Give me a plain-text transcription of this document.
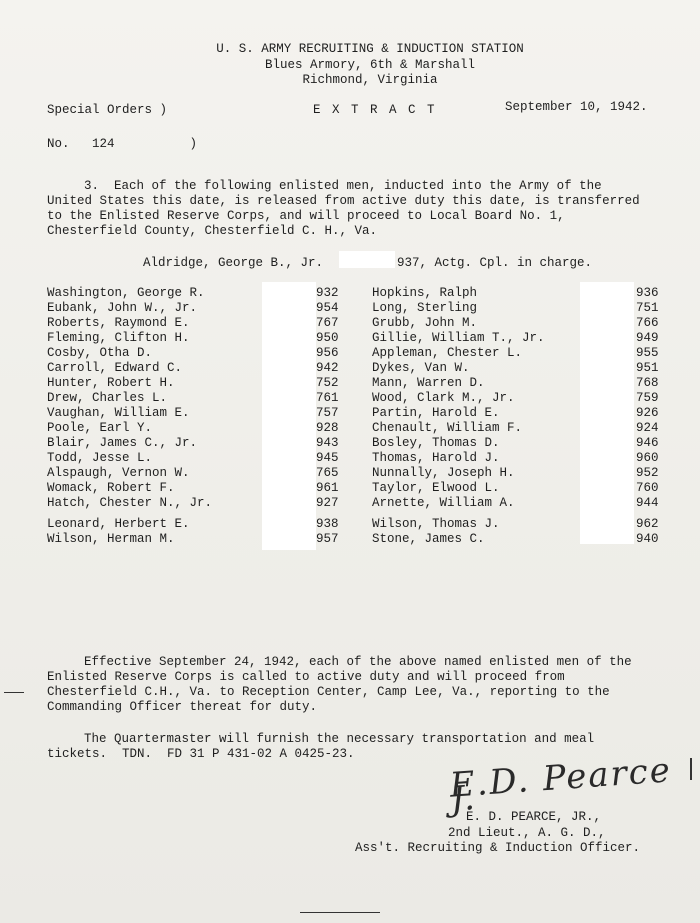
U. S. ARMY RECRUITING & INDUCTION STATION
Blues Armory, 6th & Marshall
Richmond, Virginia
Special Orders )
No.   124          )
E X T R A C T	September 10, 1942.
3.  Each of the following enlisted men, inducted into the Army of the
United States this date, is released from active duty this date, is transferred
to the Enlisted Reserve Corps, and will proceed to Local Board No. 1,
Chesterfield County, Chesterfield C. H., Va.
Aldridge, George B., Jr.	937, Actg. Cpl. in charge.
Washington, George R.	932	Hopkins, Ralph	936
Eubank, John W., Jr.	954	Long, Sterling	751
Roberts, Raymond E.	767	Grubb, John M.	766
Fleming, Clifton H.	950	Gillie, William T., Jr.	949
Cosby, Otha D.	956	Appleman, Chester L.	955
Carroll, Edward C.	942	Dykes, Van W.	951
Hunter, Robert H.	752	Mann, Warren D.	768
Drew, Charles L.	761	Wood, Clark M., Jr.	759
Vaughan, William E.	757	Partin, Harold E.	926
Poole, Earl Y.	928	Chenault, William F.	924
Blair, James C., Jr.	943	Bosley, Thomas D.	946
Todd, Jesse L.	945	Thomas, Harold J.	960
Alspaugh, Vernon W.	765	Nunnally, Joseph H.	952
Womack, Robert F.	961	Taylor, Elwood L.	760
Hatch, Chester N., Jr.	927	Arnette, William A.	944
Leonard, Herbert E.	938	Wilson, Thomas J.	962
Wilson, Herman M.	957	Stone, James C.	940
Effective September 24, 1942, each of the above named enlisted men of the
Enlisted Reserve Corps is called to active duty and will proceed from
Chesterfield C.H., Va. to Reception Center, Camp Lee, Va., reporting to the
Commanding Officer thereat for duty.
The Quartermaster will furnish the necessary transportation and meal
tickets.  TDN.  FD 31 P 431-02 A 0425-23.	E.D. Pearce J.
E. D. PEARCE, JR.,
2nd Lieut., A. G. D.,
Ass't. Recruiting & Induction Officer.
